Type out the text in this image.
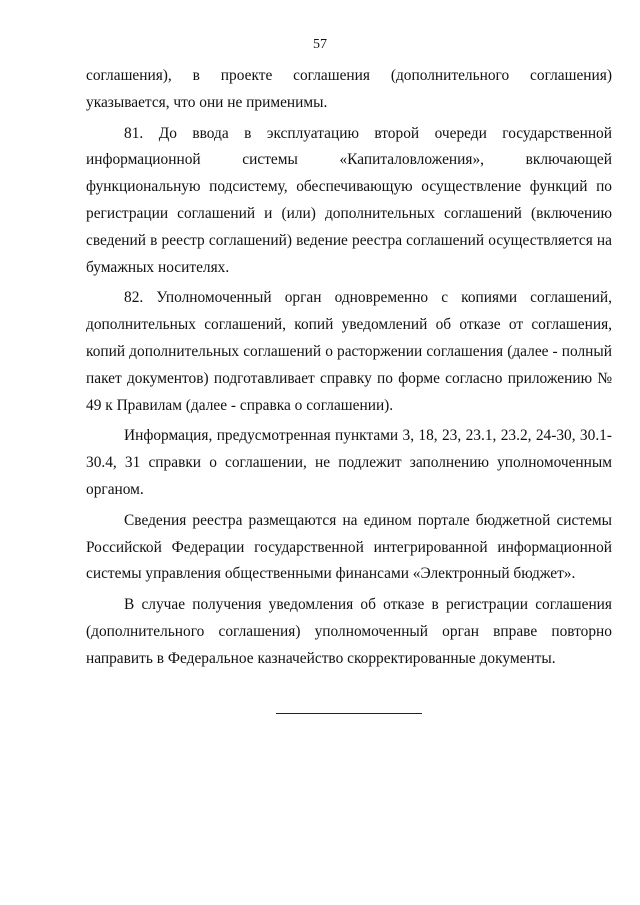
57

соглашения), в проекте соглашения (дополнительного соглашения) указывается, что они не применимы.

81. До ввода в эксплуатацию второй очереди государственной информационной системы «Капиталовложения», включающей функциональную подсистему, обеспечивающую осуществление функций по регистрации соглашений и (или) дополнительных соглашений (включению сведений в реестр соглашений) ведение реестра соглашений осуществляется на бумажных носителях.

82. Уполномоченный орган одновременно с копиями соглашений, дополнительных соглашений, копий уведомлений об отказе от соглашения, копий дополнительных соглашений о расторжении соглашения (далее - полный пакет документов) подготавливает справку по форме согласно приложению № 49 к Правилам (далее - справка о соглашении).

Информация, предусмотренная пунктами 3, 18, 23, 23.1, 23.2, 24-30, 30.1-30.4, 31 справки о соглашении, не подлежит заполнению уполномоченным органом.

Сведения реестра размещаются на едином портале бюджетной системы Российской Федерации государственной интегрированной информационной системы управления общественными финансами «Электронный бюджет».

В случае получения уведомления об отказе в регистрации соглашения (дополнительного соглашения) уполномоченный орган вправе повторно направить в Федеральное казначейство скорректированные документы.
